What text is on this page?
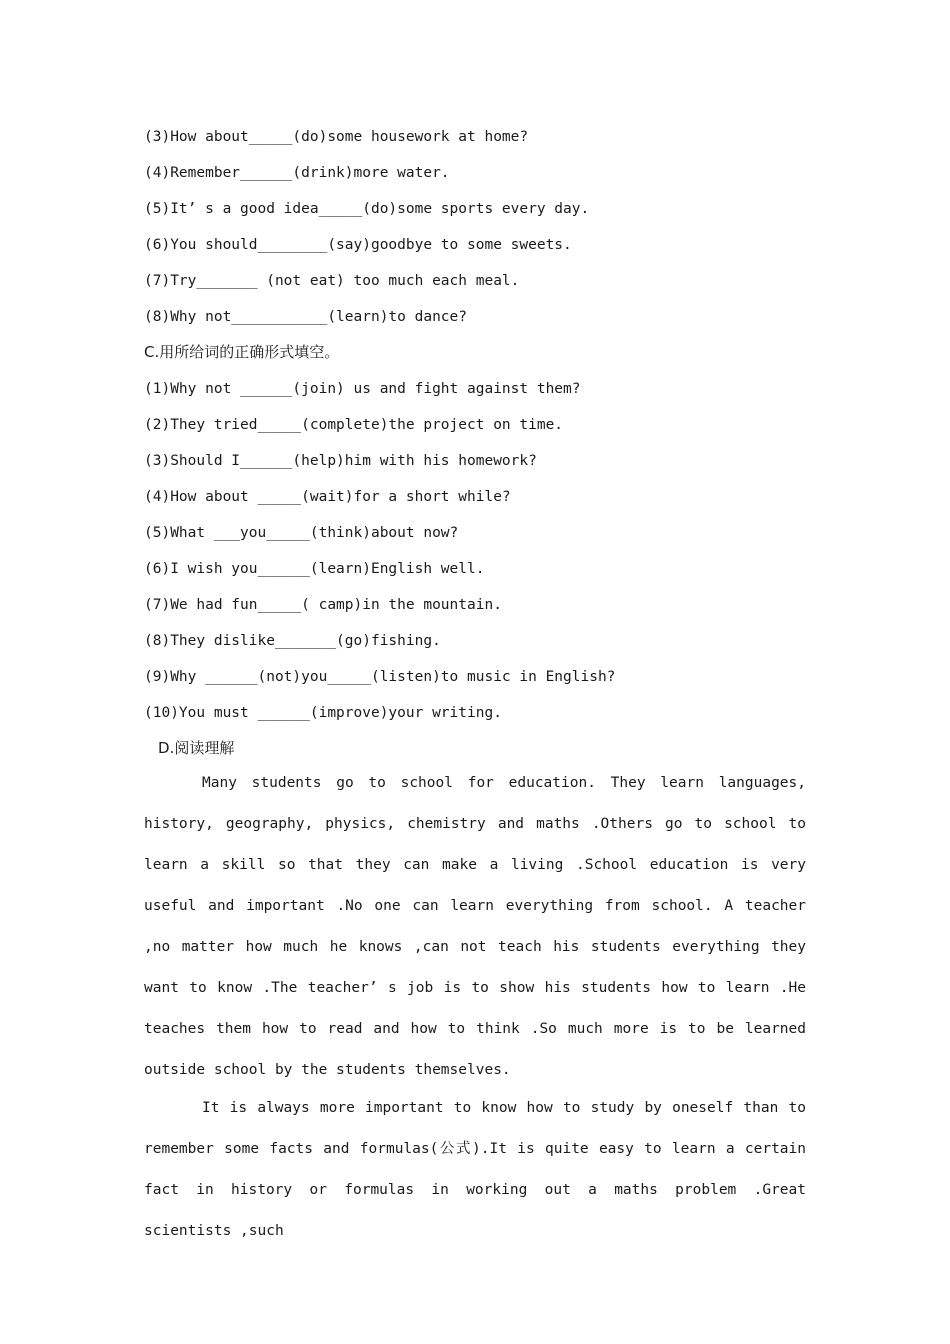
(3)How about_____(do)some housework at home?
(4)Remember______(drink)more water.
(5)It’ s a good idea_____(do)some sports every day.
(6)You should________(say)goodbye to some sweets.
(7)Try_______ (not eat) too much each meal.
(8)Why not___________(learn)to dance?
C.用所给词的正确形式填空。
(1)Why not ______(join) us and fight against them?
(2)They tried_____(complete)the project on time.
(3)Should I______(help)him with his homework?
(4)How about _____(wait)for a short while?
(5)What ___you_____(think)about now?
(6)I wish you______(learn)English well.
(7)We had fun_____( camp)in the mountain.
(8)They dislike_______(go)fishing.
(9)Why ______(not)you_____(listen)to music in English?
(10)You must ______(improve)your writing.
D.阅读理解
Many students go to school for education. They learn languages, history, geography, physics, chemistry and maths .Others go to school to learn a skill so that they can make a living .School education is very useful and important .No one can learn everything from school. A teacher ,no matter how much he knows ,can not teach his students everything they want to know .The teacher’ s job is to show his students how to learn .He teaches them how to read and how to think .So much more is to be learned outside school by the students themselves.
It is always more important to know how to study by oneself than to remember some facts and formulas(公式).It is quite easy to learn a certain fact in history or formulas in working out a maths problem .Great scientists ,such
